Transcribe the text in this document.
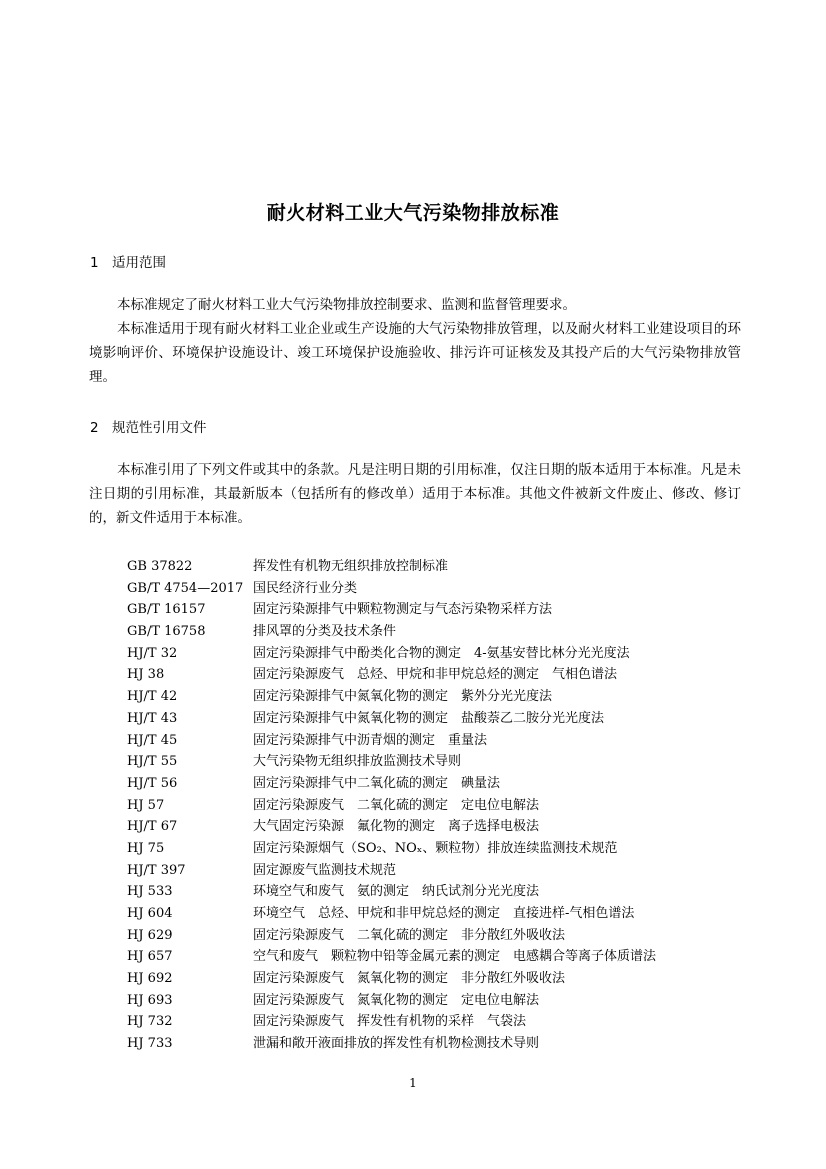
耐火材料工业大气污染物排放标准
1 适用范围

本标准规定了耐火材料工业大气污染物排放控制要求、监测和监督管理要求。

本标准适用于现有耐火材料工业企业或生产设施的大气污染物排放管理，以及耐火材料工业建设项目的环境影响评价、环境保护设施设计、竣工环境保护设施验收、排污许可证核发及其投产后的大气污染物排放管理。

2 规范性引用文件

本标准引用了下列文件或其中的条款。凡是注明日期的引用标准，仅注日期的版本适用于本标准。凡是未注日期的引用标准，其最新版本（包括所有的修改单）适用于本标准。其他文件被新文件废止、修改、修订的，新文件适用于本标准。

GB 37822	挥发性有机物无组织排放控制标准
GB/T 4754—2017 国民经济行业分类
GB/T 16157	固定污染源排气中颗粒物测定与气态污染物采样方法
GB/T 16758	排风罩的分类及技术条件
HJ/T 32	固定污染源排气中酚类化合物的测定　4-氨基安替比林分光光度法
HJ 38	固定污染源废气　总烃、甲烷和非甲烷总烃的测定　气相色谱法
HJ/T 42	固定污染源排气中氮氧化物的测定　紫外分光光度法
HJ/T 43	固定污染源排气中氮氧化物的测定　盐酸萘乙二胺分光光度法
HJ/T 45	固定污染源排气中沥青烟的测定　重量法
HJ/T 55	大气污染物无组织排放监测技术导则
HJ/T 56	固定污染源排气中二氧化硫的测定　碘量法
HJ 57	固定污染源废气　二氧化硫的测定　定电位电解法
HJ/T 67	大气固定污染源　氟化物的测定　离子选择电极法
HJ 75	固定污染源烟气（SO₂、NOₓ、颗粒物）排放连续监测技术规范
HJ/T 397	固定源废气监测技术规范
HJ 533	环境空气和废气　氨的测定　纳氏试剂分光光度法
HJ 604	环境空气　总烃、甲烷和非甲烷总烃的测定　直接进样-气相色谱法
HJ 629	固定污染源废气　二氧化硫的测定　非分散红外吸收法
HJ 657	空气和废气　颗粒物中铅等金属元素的测定　电感耦合等离子体质谱法
HJ 692	固定污染源废气　氮氧化物的测定　非分散红外吸收法
HJ 693	固定污染源废气　氮氧化物的测定　定电位电解法
HJ 732	固定污染源废气　挥发性有机物的采样　气袋法
HJ 733	泄漏和敞开液面排放的挥发性有机物检测技术导则
1
